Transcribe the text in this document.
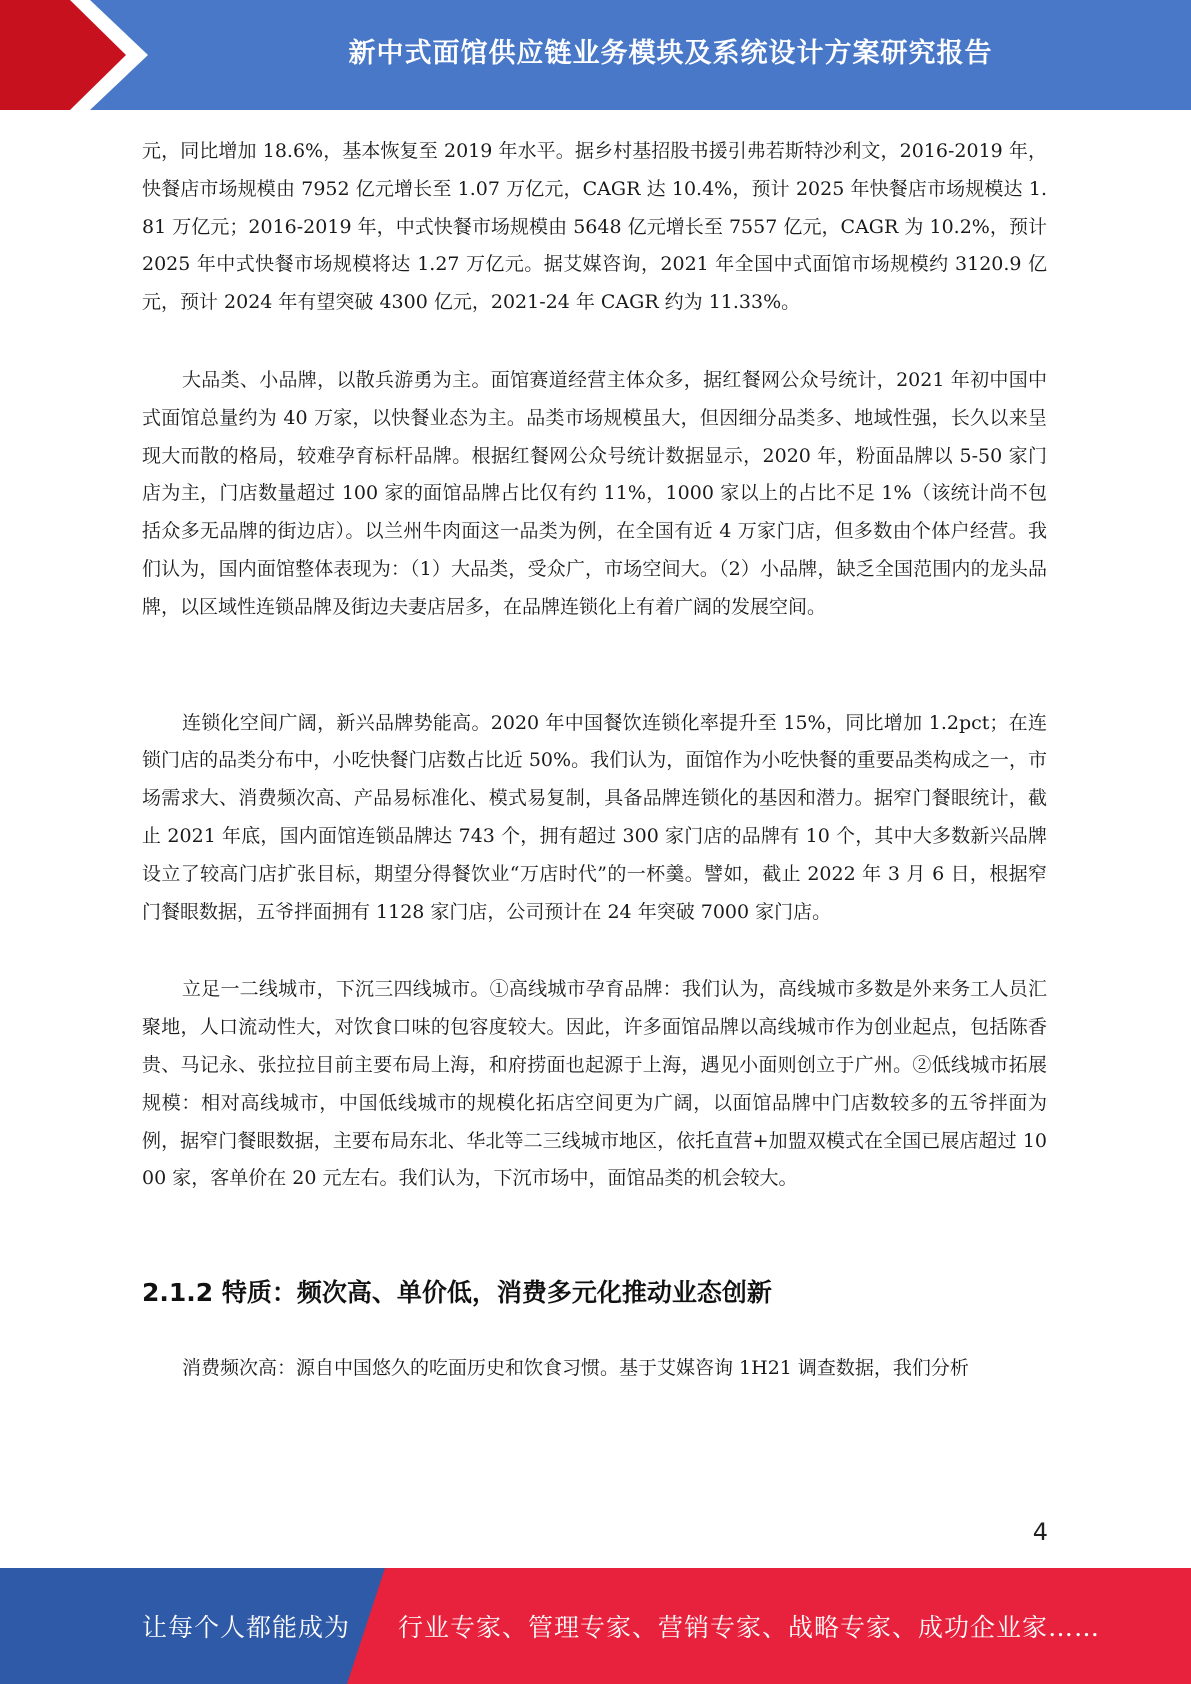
新中式面馆供应链业务模块及系统设计方案研究报告

元，同比增加 18.6%，基本恢复至 2019 年水平。据乡村基招股书援引弗若斯特沙利文，2016-2019 年，快餐店市场规模由 7952 亿元增长至 1.07 万亿元，CAGR 达 10.4%，预计 2025 年快餐店市场规模达 1.81 万亿元；2016-2019 年，中式快餐市场规模由 5648 亿元增长至 7557 亿元，CAGR 为 10.2%，预计 2025 年中式快餐市场规模将达 1.27 万亿元。据艾媒咨询，2021 年全国中式面馆市场规模约 3120.9 亿元，预计 2024 年有望突破 4300 亿元，2021-24 年 CAGR 约为 11.33%。

大品类、小品牌，以散兵游勇为主。面馆赛道经营主体众多，据红餐网公众号统计，2021 年初中国中式面馆总量约为 40 万家，以快餐业态为主。品类市场规模虽大，但因细分品类多、地域性强，长久以来呈现大而散的格局，较难孕育标杆品牌。根据红餐网公众号统计数据显示，2020 年，粉面品牌以 5-50 家门店为主，门店数量超过 100 家的面馆品牌占比仅有约 11%，1000 家以上的占比不足 1%（该统计尚不包括众多无品牌的街边店）。以兰州牛肉面这一品类为例，在全国有近 4 万家门店，但多数由个体户经营。我们认为，国内面馆整体表现为：（1）大品类，受众广，市场空间大。（2）小品牌，缺乏全国范围内的龙头品牌，以区域性连锁品牌及街边夫妻店居多，在品牌连锁化上有着广阔的发展空间。

连锁化空间广阔，新兴品牌势能高。2020 年中国餐饮连锁化率提升至 15%，同比增加 1.2pct；在连锁门店的品类分布中，小吃快餐门店数占比近 50%。我们认为，面馆作为小吃快餐的重要品类构成之一，市场需求大、消费频次高、产品易标准化、模式易复制，具备品牌连锁化的基因和潜力。据窄门餐眼统计，截止 2021 年底，国内面馆连锁品牌达 743 个，拥有超过 300 家门店的品牌有 10 个，其中大多数新兴品牌设立了较高门店扩张目标，期望分得餐饮业“万店时代”的一杯羹。譬如，截止 2022 年 3 月 6 日，根据窄门餐眼数据，五爷拌面拥有 1128 家门店，公司预计在 24 年突破 7000 家门店。

立足一二线城市，下沉三四线城市。①高线城市孕育品牌：我们认为，高线城市多数是外来务工人员汇聚地，人口流动性大，对饮食口味的包容度较大。因此，许多面馆品牌以高线城市作为创业起点，包括陈香贵、马记永、张拉拉目前主要布局上海，和府捞面也起源于上海，遇见小面则创立于广州。②低线城市拓展规模：相对高线城市，中国低线城市的规模化拓店空间更为广阔，以面馆品牌中门店数较多的五爷拌面为例，据窄门餐眼数据，主要布局东北、华北等二三线城市地区，依托直营+加盟双模式在全国已展店超过 1000 家，客单价在 20 元左右。我们认为，下沉市场中，面馆品类的机会较大。

2.1.2 特质：频次高、单价低，消费多元化推动业态创新

消费频次高：源自中国悠久的吃面历史和饮食习惯。基于艾媒咨询 1H21 调查数据，我们分析

4
让每个人都能成为 行业专家、管理专家、营销专家、战略专家、成功企业家……
